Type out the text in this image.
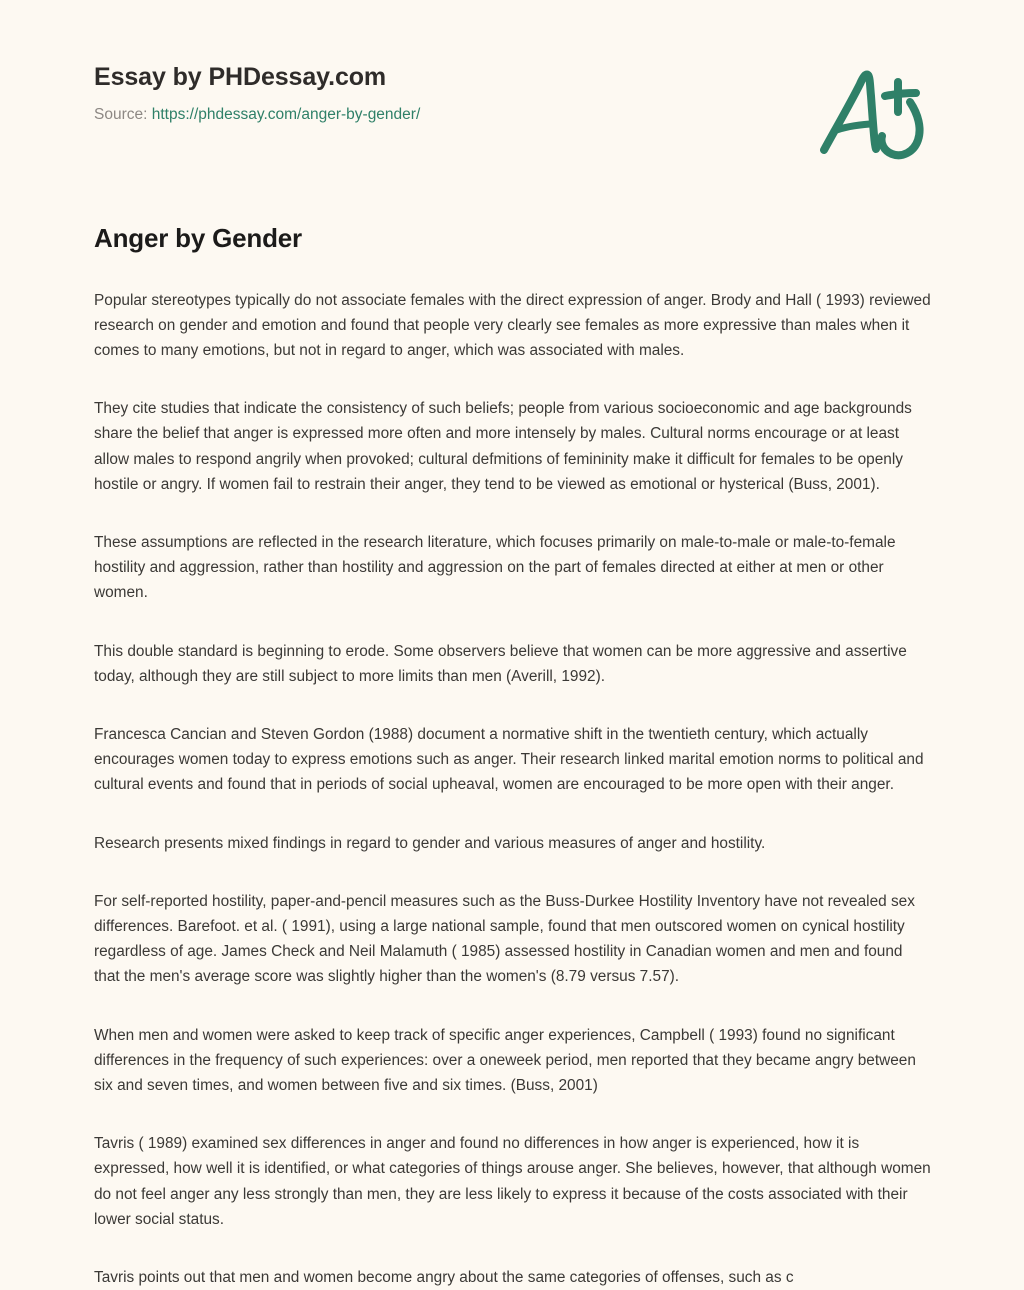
Essay by PHDessay.com
Source: https://phdessay.com/anger-by-gender/
Anger by Gender

Popular stereotypes typically do not associate females with the direct expression of anger. Brody and Hall ( 1993) reviewed research on gender and emotion and found that people very clearly see females as more expressive than males when it comes to many emotions, but not in regard to anger, which was associated with males.

They cite studies that indicate the consistency of such beliefs; people from various socioeconomic and age backgrounds share the belief that anger is expressed more often and more intensely by males. Cultural norms encourage or at least allow males to respond angrily when provoked; cultural defmitions of femininity make it difficult for females to be openly hostile or angry. If women fail to restrain their anger, they tend to be viewed as emotional or hysterical (Buss, 2001).

These assumptions are reflected in the research literature, which focuses primarily on male-to-male or male-to-female hostility and aggression, rather than hostility and aggression on the part of females directed at either at men or other women.

This double standard is beginning to erode. Some observers believe that women can be more aggressive and assertive today, although they are still subject to more limits than men (Averill, 1992).

Francesca Cancian and Steven Gordon (1988) document a normative shift in the twentieth century, which actually encourages women today to express emotions such as anger. Their research linked marital emotion norms to political and cultural events and found that in periods of social upheaval, women are encouraged to be more open with their anger.

Research presents mixed findings in regard to gender and various measures of anger and hostility.

For self-reported hostility, paper-and-pencil measures such as the Buss-Durkee Hostility Inventory have not revealed sex differences. Barefoot. et al. ( 1991), using a large national sample, found that men outscored women on cynical hostility regardless of age. James Check and Neil Malamuth ( 1985) assessed hostility in Canadian women and men and found that the men's average score was slightly higher than the women's (8.79 versus 7.57).

When men and women were asked to keep track of specific anger experiences, Campbell ( 1993) found no significant differences in the frequency of such experiences: over a oneweek period, men reported that they became angry between six and seven times, and women between five and six times. (Buss, 2001)

Tavris ( 1989) examined sex differences in anger and found no differences in how anger is experienced, how it is expressed, how well it is identified, or what categories of things arouse anger. She believes, however, that although women do not feel anger any less strongly than men, they are less likely to express it because of the costs associated with their lower social status.

Tavris points out that men and women become angry about the same categories of offenses, such as c
